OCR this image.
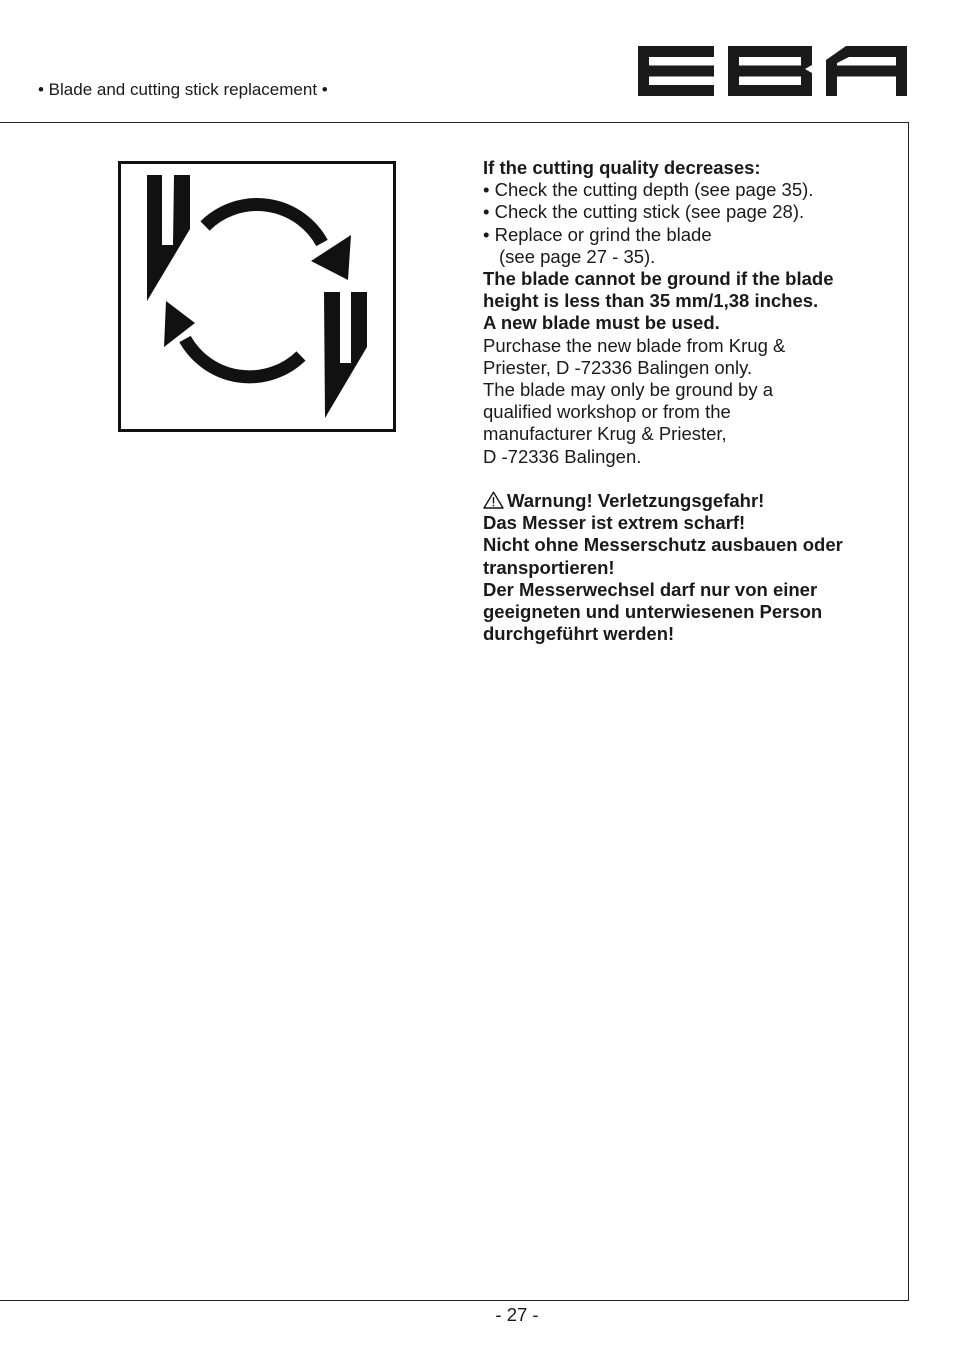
• Blade and cutting stick replacement •

If the cutting quality decreases:

• Check the cutting depth (see page 35).

• Check the cutting stick (see page 28).

• Replace or grind the blade

(see page 27 - 35).

The blade cannot be ground if the blade

height is less than 35 mm/1,38 inches.

A new blade must be used.

Purchase the new blade from Krug &

Priester, D -72336 Balingen only.

The blade may only be ground by a

qualified workshop or from the

manufacturer Krug & Priester,

D -72336 Balingen.

Warnung! Verletzungsgefahr!

Das Messer ist extrem scharf!

Nicht ohne Messerschutz ausbauen oder

transportieren!

Der Messerwechsel darf nur von einer

geeigneten und unterwiesenen Person

durchgeführt werden!

- 27 -
